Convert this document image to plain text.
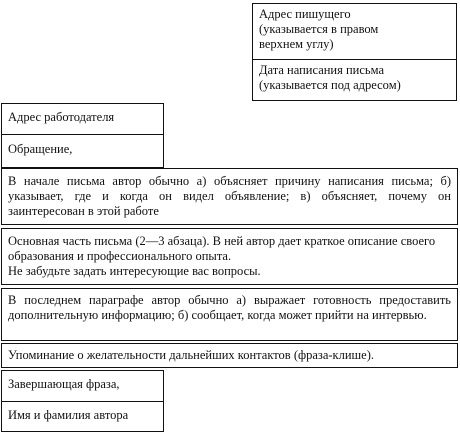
Адрес пишущего
(указывается в правом
верхнем углу)
Дата написания письма
(указывается под адресом)
Адрес работодателя
Обращение,
В начале письма автор обычно а) объясняет причину написания письма; б) указывает, где и когда он видел объявление; в) объясняет, почему он заинтересован в этой работе
Основная часть письма (2—3 абзаца). В ней автор дает краткое описание своего образования и профессионального опыта.
Не забудьте задать интересующие вас вопросы.
В последнем параграфе автор обычно а) выражает готовность предоставить дополнительную информацию; б) сообщает, когда может прийти на интервью.
Упоминание о желательности дальнейших контактов (фраза-клише).
Завершающая фраза,
Имя и фамилия автора
